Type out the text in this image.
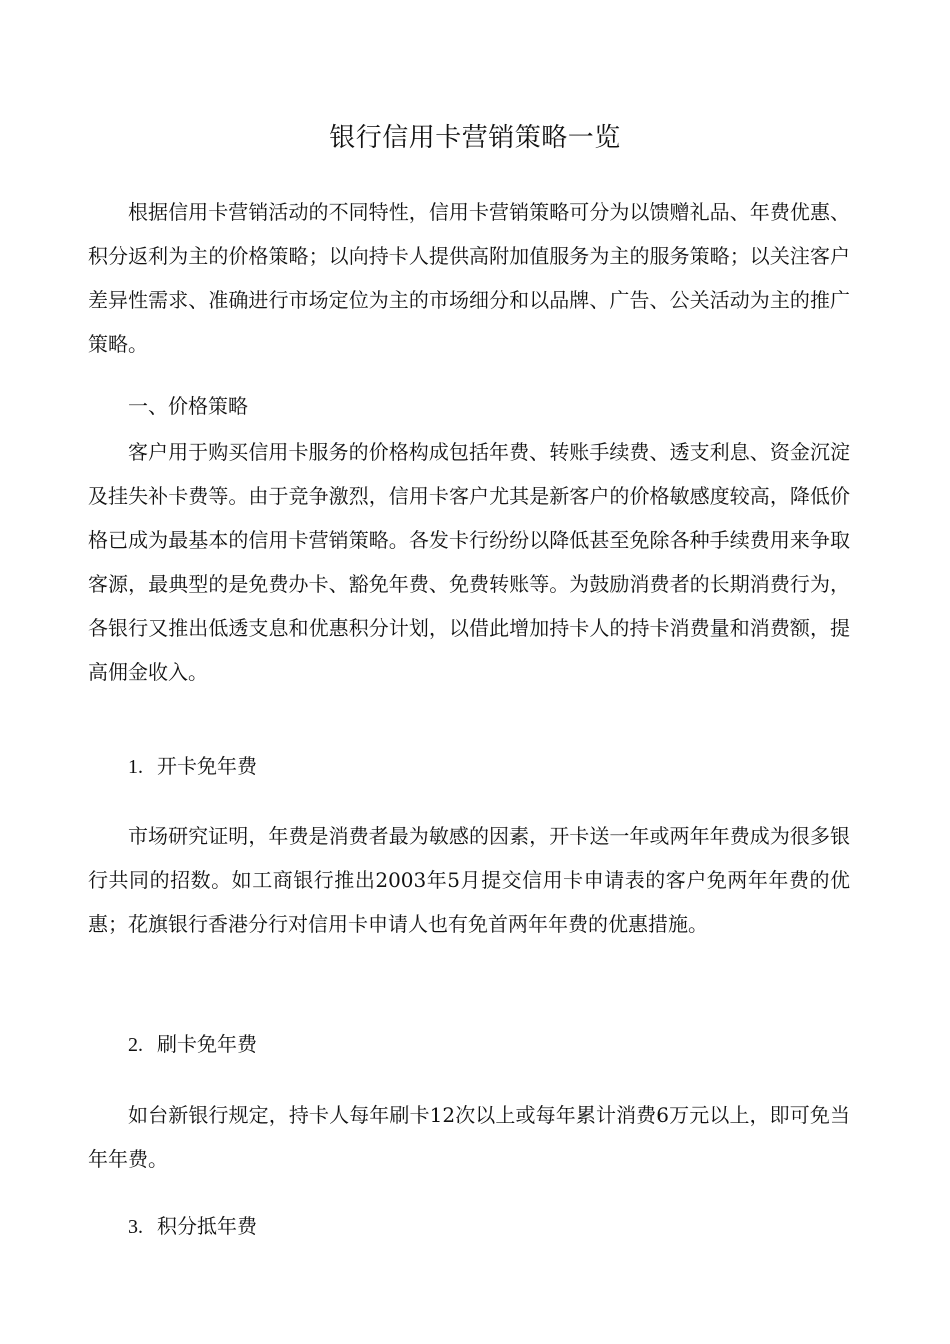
银行信用卡营销策略一览
根据信用卡营销活动的不同特性，信用卡营销策略可分为以馈赠礼品、年费优惠、积分返利为主的价格策略；以向持卡人提供高附加值服务为主的服务策略；以关注客户差异性需求、准确进行市场定位为主的市场细分和以品牌、广告、公关活动为主的推广策略。
一、价格策略
客户用于购买信用卡服务的价格构成包括年费、转账手续费、透支利息、资金沉淀及挂失补卡费等。由于竞争激烈，信用卡客户尤其是新客户的价格敏感度较高，降低价格已成为最基本的信用卡营销策略。各发卡行纷纷以降低甚至免除各种手续费用来争取客源，最典型的是免费办卡、豁免年费、免费转账等。为鼓励消费者的长期消费行为，各银行又推出低透支息和优惠积分计划，以借此增加持卡人的持卡消费量和消费额，提高佣金收入。
1. 开卡免年费
市场研究证明，年费是消费者最为敏感的因素，开卡送一年或两年年费成为很多银行共同的招数。如工商银行推出2003年5月提交信用卡申请表的客户免两年年费的优惠；花旗银行香港分行对信用卡申请人也有免首两年年费的优惠措施。
2. 刷卡免年费
如台新银行规定，持卡人每年刷卡12次以上或每年累计消费6万元以上，即可免当年年费。
3. 积分抵年费
